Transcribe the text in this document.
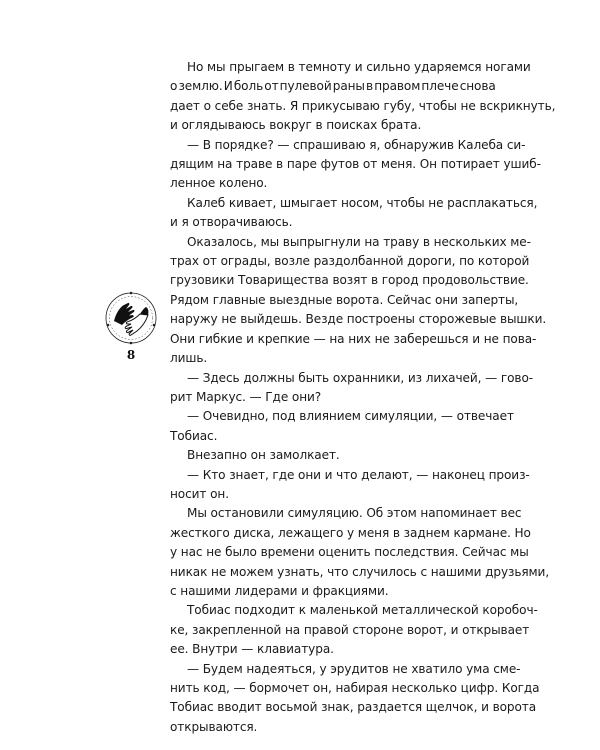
8

Но мы прыгаем в темноту и сильно ударяемся ногами
о землю. И боль от пулевой раны в правом плече снова
дает о себе знать. Я прикусываю губу, чтобы не вскрикнуть,
и оглядываюсь вокруг в поисках брата.

— В порядке? — спрашиваю я, обнаружив Калеба си-
дящим на траве в паре футов от меня. Он потирает ушиб-
ленное колено.

Калеб кивает, шмыгает носом, чтобы не расплакаться,
и я отворачиваюсь.

Оказалось, мы выпрыгнули на траву в нескольких ме-
трах от ограды, возле раздолбанной дороги, по которой
грузовики Товарищества возят в город продовольствие.
Рядом главные выездные ворота. Сейчас они заперты,
наружу не выйдешь. Везде построены сторожевые вышки.
Они гибкие и крепкие — на них не заберешься и не пова-
лишь.

— Здесь должны быть охранники, из лихачей, — гово-
рит Маркус. — Где они?

— Очевидно, под влиянием симуляции, — отвечает
Тобиас.

Внезапно он замолкает.

— Кто знает, где они и что делают, — наконец произ-
носит он.

Мы остановили симуляцию. Об этом напоминает вес
жесткого диска, лежащего у меня в заднем кармане. Но
у нас не было времени оценить последствия. Сейчас мы
никак не можем узнать, что случилось с нашими друзьями,
с нашими лидерами и фракциями.

Тобиас подходит к маленькой металлической коробоч-
ке, закрепленной на правой стороне ворот, и открывает
ее. Внутри — клавиатура.

— Будем надеяться, у эрудитов не хватило ума сме-
нить код, — бормочет он, набирая несколько цифр. Когда
Тобиас вводит восьмой знак, раздается щелчок, и ворота
открываются.
